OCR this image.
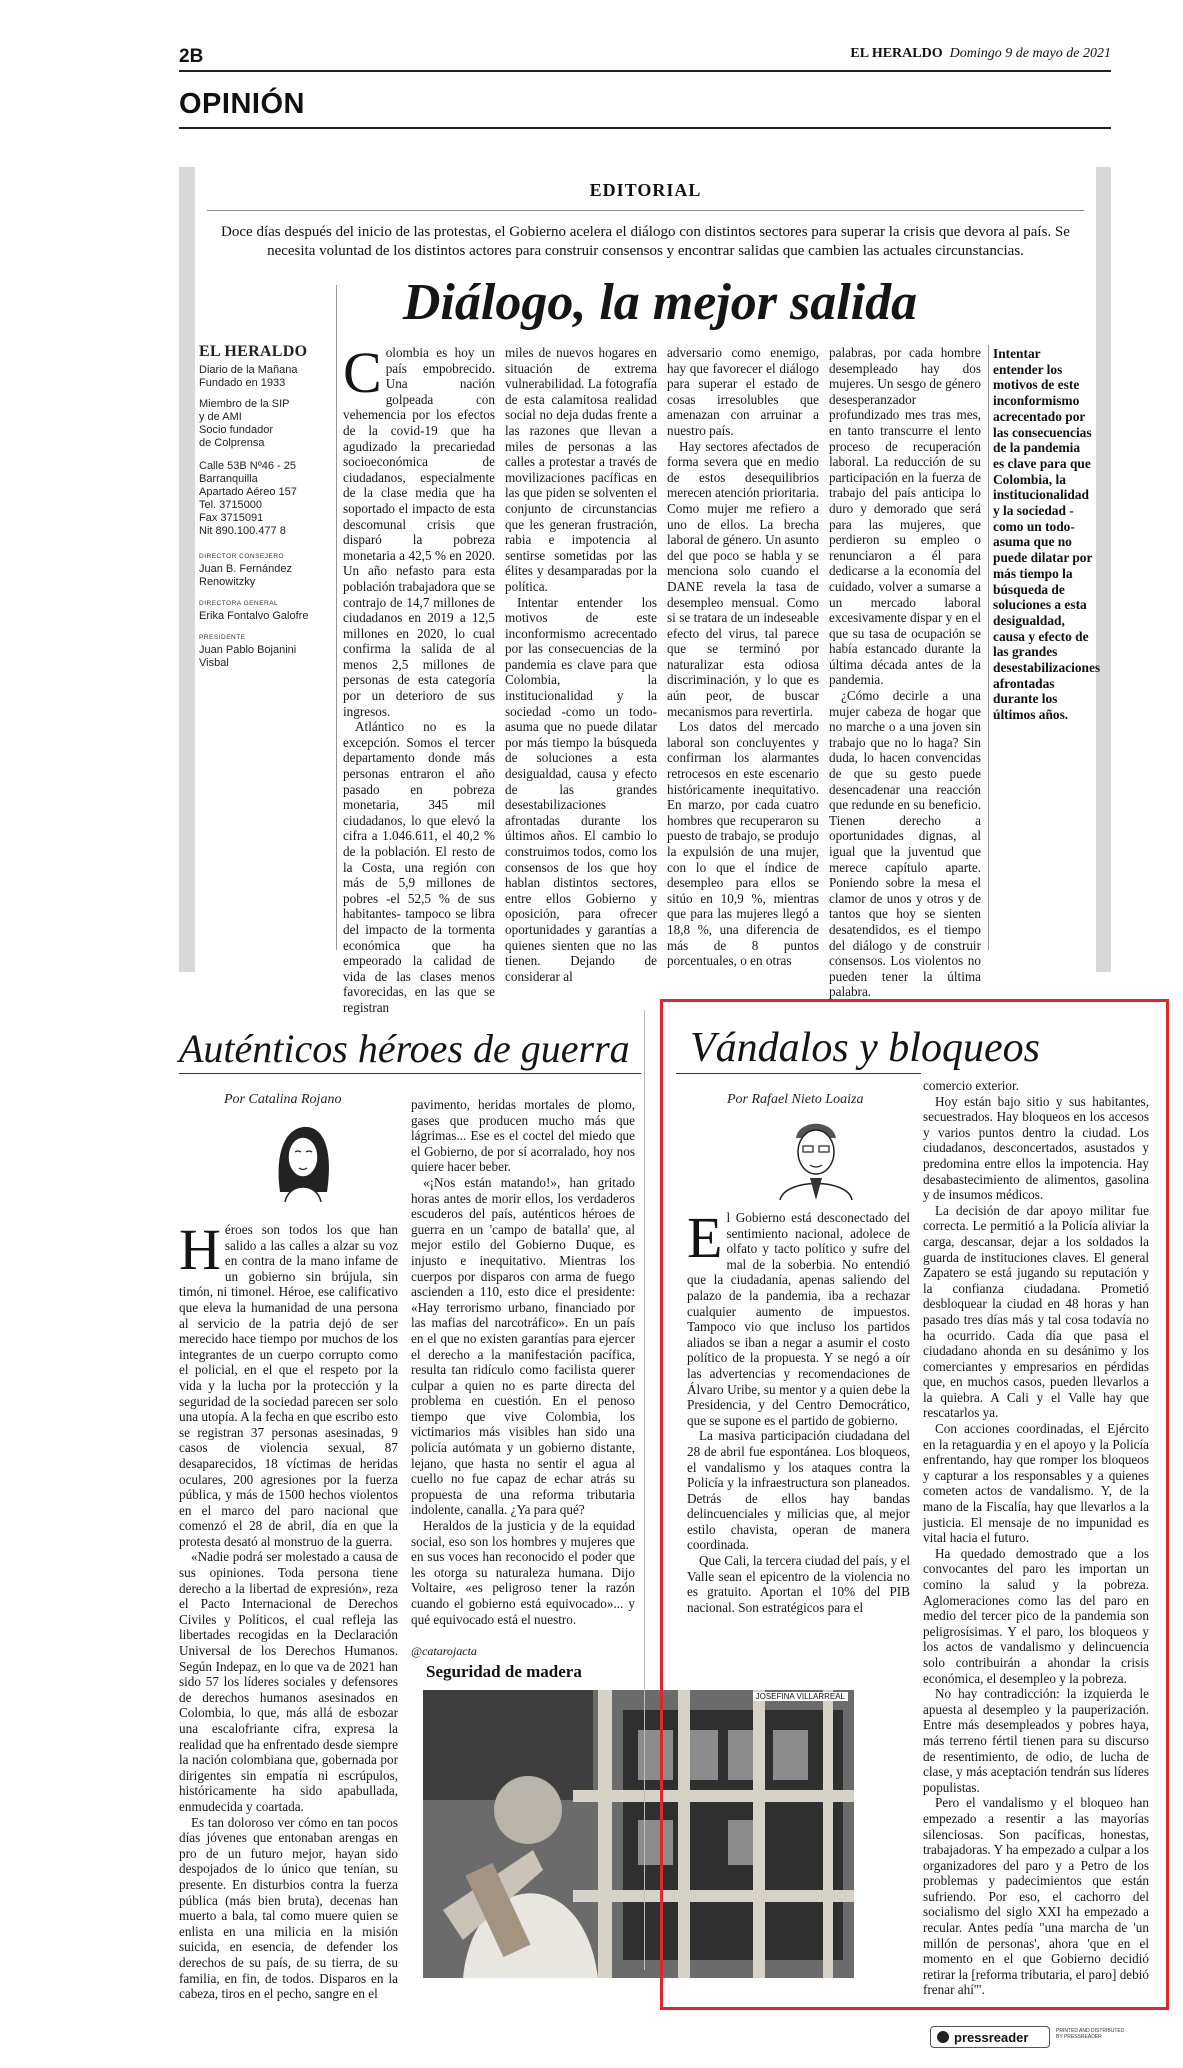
2B	EL HERALDO Domingo 9 de mayo de 2021
OPINIÓN
EDITORIAL
Doce días después del inicio de las protestas, el Gobierno acelera el diálogo con distintos sectores para superar la crisis que devora al país. Se necesita voluntad de los distintos actores para construir consensos y encontrar salidas que cambien las actuales circunstancias.
Diálogo, la mejor salida
EL HERALDO
Diario de la Mañana
Fundado en 1933
Miembro de la SIP
y de AMI
Socio fundador
de Colprensa
Calle 53B Nº46 - 25
Barranquilla
Apartado Aéreo 157
Tel. 3715000
Fax 3715091
Nit 890.100.477 8
DIRECTOR CONSEJERO
Juan B. Fernández Renowitzky
DIRECTORA GENERAL
Erika Fontalvo Galofre
PRESIDENTE
Juan Pablo Bojanini Visbal

Colombia es hoy un país empobrecido. Una nación golpeada con vehemencia por los efectos de la covid-19 que ha agudizado la precariedad socioeconómica de ciudadanos, especialmente de la clase media que ha soportado el impacto de esta descomunal crisis que disparó la pobreza monetaria a 42,5 % en 2020. Un año nefasto para esta población trabajadora que se contrajo de 14,7 millones de ciudadanos en 2019 a 12,5 millones en 2020, lo cual confirma la salida de al menos 2,5 millones de personas de esta categoría por un deterioro de sus ingresos.

Atlántico no es la excepción. Somos el tercer departamento donde más personas entraron el año pasado en pobreza monetaria, 345 mil ciudadanos, lo que elevó la cifra a 1.046.611, el 40,2 % de la población. El resto de la Costa, una región con más de 5,9 millones de pobres -el 52,5 % de sus habitantes- tampoco se libra del impacto de la tormenta económica que ha empeorado la calidad de vida de las clases menos favorecidas, en las que se registran

miles de nuevos hogares en situación de extrema vulnerabilidad. La fotografía de esta calamitosa realidad social no deja dudas frente a las razones que llevan a miles de personas a las calles a protestar a través de movilizaciones pacíficas en las que piden se solventen el conjunto de circunstancias que les generan frustración, rabia e impotencia al sentirse sometidas por las élites y desamparadas por la política.

Intentar entender los motivos de este inconformismo acrecentado por las consecuencias de la pandemia es clave para que Colombia, la institucionalidad y la sociedad -como un todo- asuma que no puede dilatar por más tiempo la búsqueda de soluciones a esta desigualdad, causa y efecto de las grandes desestabilizaciones afrontadas durante los últimos años. El cambio lo construimos todos, como los consensos de los que hoy hablan distintos sectores, entre ellos Gobierno y oposición, para ofrecer oportunidades y garantías a quienes sienten que no las tienen. Dejando de considerar al

adversario como enemigo, hay que favorecer el diálogo para superar el estado de cosas irresolubles que amenazan con arruinar a nuestro país.

Hay sectores afectados de forma severa que en medio de estos desequilibrios merecen atención prioritaria. Como mujer me refiero a uno de ellos. La brecha laboral de género. Un asunto del que poco se habla y se menciona solo cuando el DANE revela la tasa de desempleo mensual. Como si se tratara de un indeseable efecto del virus, tal parece que se terminó por naturalizar esta odiosa discriminación, y lo que es aún peor, de buscar mecanismos para revertirla.

Los datos del mercado laboral son concluyentes y confirman los alarmantes retrocesos en este escenario históricamente inequitativo. En marzo, por cada cuatro hombres que recuperaron su puesto de trabajo, se produjo la expulsión de una mujer, con lo que el índice de desempleo para ellos se sitúo en 10,9 %, mientras que para las mujeres llegó a 18,8 %, una diferencia de más de 8 puntos porcentuales, o en otras

palabras, por cada hombre desempleado hay dos mujeres. Un sesgo de género desesperanzador profundizado mes tras mes, en tanto transcurre el lento proceso de recuperación laboral. La reducción de su participación en la fuerza de trabajo del país anticipa lo duro y demorado que será para las mujeres, que perdieron su empleo o renunciaron a él para dedicarse a la economía del cuidado, volver a sumarse a un mercado laboral excesivamente dispar y en el que su tasa de ocupación se había estancado durante la última década antes de la pandemia.

¿Cómo decirle a una mujer cabeza de hogar que no marche o a una joven sin trabajo que no lo haga? Sin duda, lo hacen convencidas de que su gesto puede desencadenar una reacción que redunde en su beneficio. Tienen derecho a oportunidades dignas, al igual que la juventud que merece capítulo aparte. Poniendo sobre la mesa el clamor de unos y otros y de tantos que hoy se sienten desatendidos, es el tiempo del diálogo y de construir consensos. Los violentos no pueden tener la última palabra.

Intentar entender los motivos de este inconformismo acrecentado por las consecuencias de la pandemia es clave para que Colombia, la institucionalidad y la sociedad -como un todo- asuma que no puede dilatar por más tiempo la búsqueda de soluciones a esta desigualdad, causa y efecto de las grandes desestabilizaciones afrontadas durante los últimos años.
Auténticos héroes de guerra
Por Catalina Rojano

Héroes son todos los que han salido a las calles a alzar su voz en contra de la mano infame de un gobierno sin brújula, sin timón, ni timonel. Héroe, ese calificativo que eleva la humanidad de una persona al servicio de la patria dejó de ser merecido hace tiempo por muchos de los integrantes de un cuerpo corrupto como el policial, en el que el respeto por la vida y la lucha por la protección y la seguridad de la sociedad parecen ser solo una utopía. A la fecha en que escribo esto se registran 37 personas asesinadas, 9 casos de violencia sexual, 87 desaparecidos, 18 víctimas de heridas oculares, 200 agresiones por la fuerza pública, y más de 1500 hechos violentos en el marco del paro nacional que comenzó el 28 de abril, día en que la protesta desató al monstruo de la guerra.

«Nadie podrá ser molestado a causa de sus opiniones. Toda persona tiene derecho a la libertad de expresión», reza el Pacto Internacional de Derechos Civiles y Políticos, el cual refleja las libertades recogidas en la Declaración Universal de los Derechos Humanos. Según Indepaz, en lo que va de 2021 han sido 57 los líderes sociales y defensores de derechos humanos asesinados en Colombia, lo que, más allá de esbozar una escalofriante cifra, expresa la realidad que ha enfrentado desde siempre la nación colombiana que, gobernada por dirigentes sin empatía ni escrúpulos, históricamente ha sido apabullada, enmudecida y coartada.

Es tan doloroso ver cómo en tan pocos días jóvenes que entonaban arengas en pro de un futuro mejor, hayan sido despojados de lo único que tenían, su presente. En disturbios contra la fuerza pública (más bien bruta), decenas han muerto a bala, tal como muere quien se enlista en una milicia en la misión suicida, en esencia, de defender los derechos de su país, de su tierra, de su familia, en fin, de todos. Disparos en la cabeza, tiros en el pecho, sangre en el

pavimento, heridas mortales de plomo, gases que producen mucho más que lágrimas... Ese es el coctel del miedo que el Gobierno, de por sí acorralado, hoy nos quiere hacer beber.

«¡Nos están matando!», han gritado horas antes de morir ellos, los verdaderos escuderos del país, auténticos héroes de guerra en un 'campo de batalla' que, al mejor estilo del Gobierno Duque, es injusto e inequitativo. Mientras los cuerpos por disparos con arma de fuego ascienden a 110, esto dice el presidente: «Hay terrorismo urbano, financiado por las mafias del narcotráfico». En un país en el que no existen garantías para ejercer el derecho a la manifestación pacífica, resulta tan ridículo como facilista querer culpar a quien no es parte directa del problema en cuestión. En el penoso tiempo que vive Colombia, los victimarios más visibles han sido una policía autómata y un gobierno distante, lejano, que hasta no sentir el agua al cuello no fue capaz de echar atrás su propuesta de una reforma tributaria indolente, canalla. ¿Ya para qué?

Heraldos de la justicia y de la equidad social, eso son los hombres y mujeres que en sus voces han reconocido el poder que les otorga su naturaleza humana. Dijo Voltaire, «es peligroso tener la razón cuando el gobierno está equivocado»... y qué equivocado está el nuestro.

@catarojacta
Seguridad de madera
JOSEFINA VILLARREAL
Vándalos y bloqueos
Por Rafael Nieto Loaiza

El Gobierno está desconectado del sentimiento nacional, adolece de olfato y tacto político y sufre del mal de la soberbia. No entendió que la ciudadanía, apenas saliendo del palazo de la pandemia, iba a rechazar cualquier aumento de impuestos. Tampoco vio que incluso los partidos aliados se iban a negar a asumir el costo político de la propuesta. Y se negó a oír las advertencias y recomendaciones de Álvaro Uribe, su mentor y a quien debe la Presidencia, y del Centro Democrático, que se supone es el partido de gobierno.

La masiva participación ciudadana del 28 de abril fue espontánea. Los bloqueos, el vandalismo y los ataques contra la Policía y la infraestructura son planeados. Detrás de ellos hay bandas delincuenciales y milicias que, al mejor estilo chavista, operan de manera coordinada.

Que Cali, la tercera ciudad del país, y el Valle sean el epicentro de la violencia no es gratuito. Aportan el 10% del PIB nacional. Son estratégicos para el

comercio exterior.

Hoy están bajo sitio y sus habitantes, secuestrados. Hay bloqueos en los accesos y varios puntos dentro la ciudad. Los ciudadanos, desconcertados, asustados y predomina entre ellos la impotencia. Hay desabastecimiento de alimentos, gasolina y de insumos médicos.

La decisión de dar apoyo militar fue correcta. Le permitió a la Policía aliviar la carga, descansar, dejar a los soldados la guarda de instituciones claves. El general Zapatero se está jugando su reputación y la confianza ciudadana. Prometió desbloquear la ciudad en 48 horas y han pasado tres días más y tal cosa todavía no ha ocurrido. Cada día que pasa el ciudadano ahonda en su desánimo y los comerciantes y empresarios en pérdidas que, en muchos casos, pueden llevarlos a la quiebra. A Cali y el Valle hay que rescatarlos ya.

Con acciones coordinadas, el Ejército en la retaguardia y en el apoyo y la Policía enfrentando, hay que romper los bloqueos y capturar a los responsables y a quienes cometen actos de vandalismo. Y, de la mano de la Fiscalía, hay que llevarlos a la justicia. El mensaje de no impunidad es vital hacia el futuro.

Ha quedado demostrado que a los convocantes del paro les importan un comino la salud y la pobreza. Aglomeraciones como las del paro en medio del tercer pico de la pandemia son peligrosísimas. Y el paro, los bloqueos y los actos de vandalismo y delincuencia solo contribuirán a ahondar la crisis económica, el desempleo y la pobreza.

No hay contradicción: la izquierda le apuesta al desempleo y la pauperización. Entre más desempleados y pobres haya, más terreno fértil tienen para su discurso de resentimiento, de odio, de lucha de clase, y más aceptación tendrán sus líderes populistas.

Pero el vandalismo y el bloqueo han empezado a resentir a las mayorías silenciosas. Son pacíficas, honestas, trabajadoras. Y ha empezado a culpar a los organizadores del paro y a Petro de los problemas y padecimientos que están sufriendo. Por eso, el cachorro del socialismo del siglo XXI ha empezado a recular. Antes pedía "una marcha de 'un millón de personas', ahora 'que en el momento en el que Gobierno decidió retirar la [reforma tributaria, el paro] debió frenar ahí'".

pressreader	PRINTED AND DISTRIBUTED BY PRESSREADER
